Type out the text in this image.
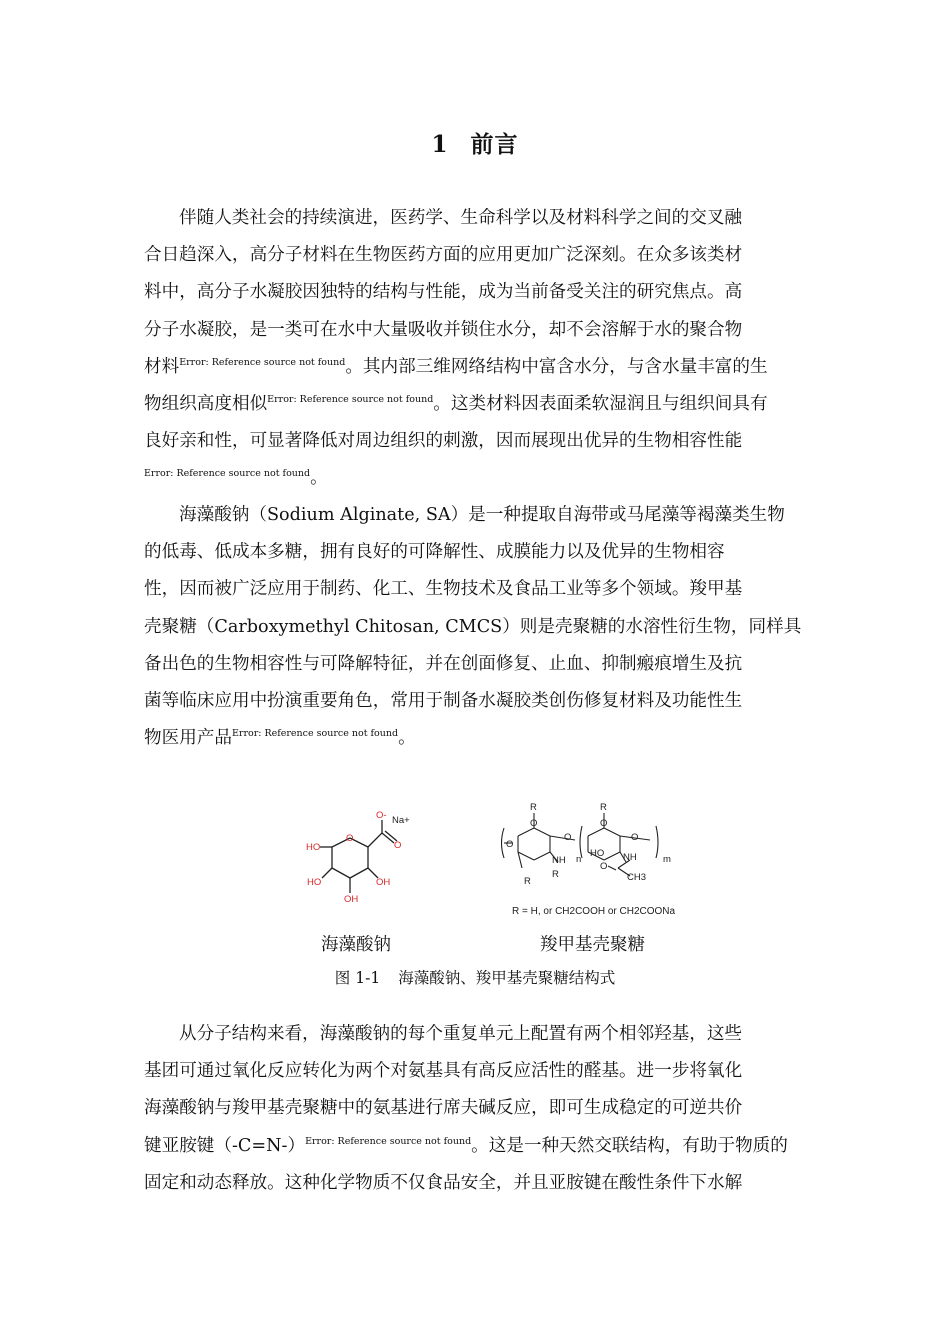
1 前言

伴随人类社会的持续演进，医药学、生命科学以及材料科学之间的交叉融
合日趋深入，高分子材料在生物医药方面的应用更加广泛深刻。在众多该类材
料中，高分子水凝胶因独特的结构与性能，成为当前备受关注的研究焦点。高
分子水凝胶，是一类可在水中大量吸收并锁住水分，却不会溶解于水的聚合物
材料$^{Error: Reference source not found}$。其内部三维网络结构中富含水分，与含水量丰富的生
物组织高度相似$^{Error: Reference source not found}$。这类材料因表面柔软湿润且与组织间具有
良好亲和性，可显著降低对周边组织的刺激，因而展现出优异的生物相容性能
$^{Error: Reference source not found}$。

海藻酸钠（Sodium Alginate, SA）是一种提取自海带或马尾藻等褐藻类生物
的低毒、低成本多糖，拥有良好的可降解性、成膜能力以及优异的生物相容
性，因而被广泛应用于制药、化工、生物技术及食品工业等多个领域。羧甲基
壳聚糖（Carboxymethyl Chitosan, CMCS）则是壳聚糖的水溶性衍生物，同样具
备出色的生物相容性与可降解特征，并在创面修复、止血、抑制瘢痕增生及抗
菌等临床应用中扮演重要角色，常用于制备水凝胶类创伤修复材料及功能性生
物医用产品$^{Error: Reference source not found}$。

Na+
O-
O
HO
O
HO	OH
OH
R	R
R
R
O
O
O
O
O
O
NH	NH
HO
CH3
n	m
R = H, or CH2COOH or CH2COONa
海藻酸钠	羧甲基壳聚糖
图 1-1 海藻酸钠、羧甲基壳聚糖结构式

从分子结构来看，海藻酸钠的每个重复单元上配置有两个相邻羟基，这些
基团可通过氧化反应转化为两个对氨基具有高反应活性的醛基。进一步将氧化
海藻酸钠与羧甲基壳聚糖中的氨基进行席夫碱反应，即可生成稳定的可逆共价
键亚胺键（-C=N-）$^{Error: Reference source not found}$。这是一种天然交联结构，有助于物质的
固定和动态释放。这种化学物质不仅食品安全，并且亚胺键在酸性条件下水解
